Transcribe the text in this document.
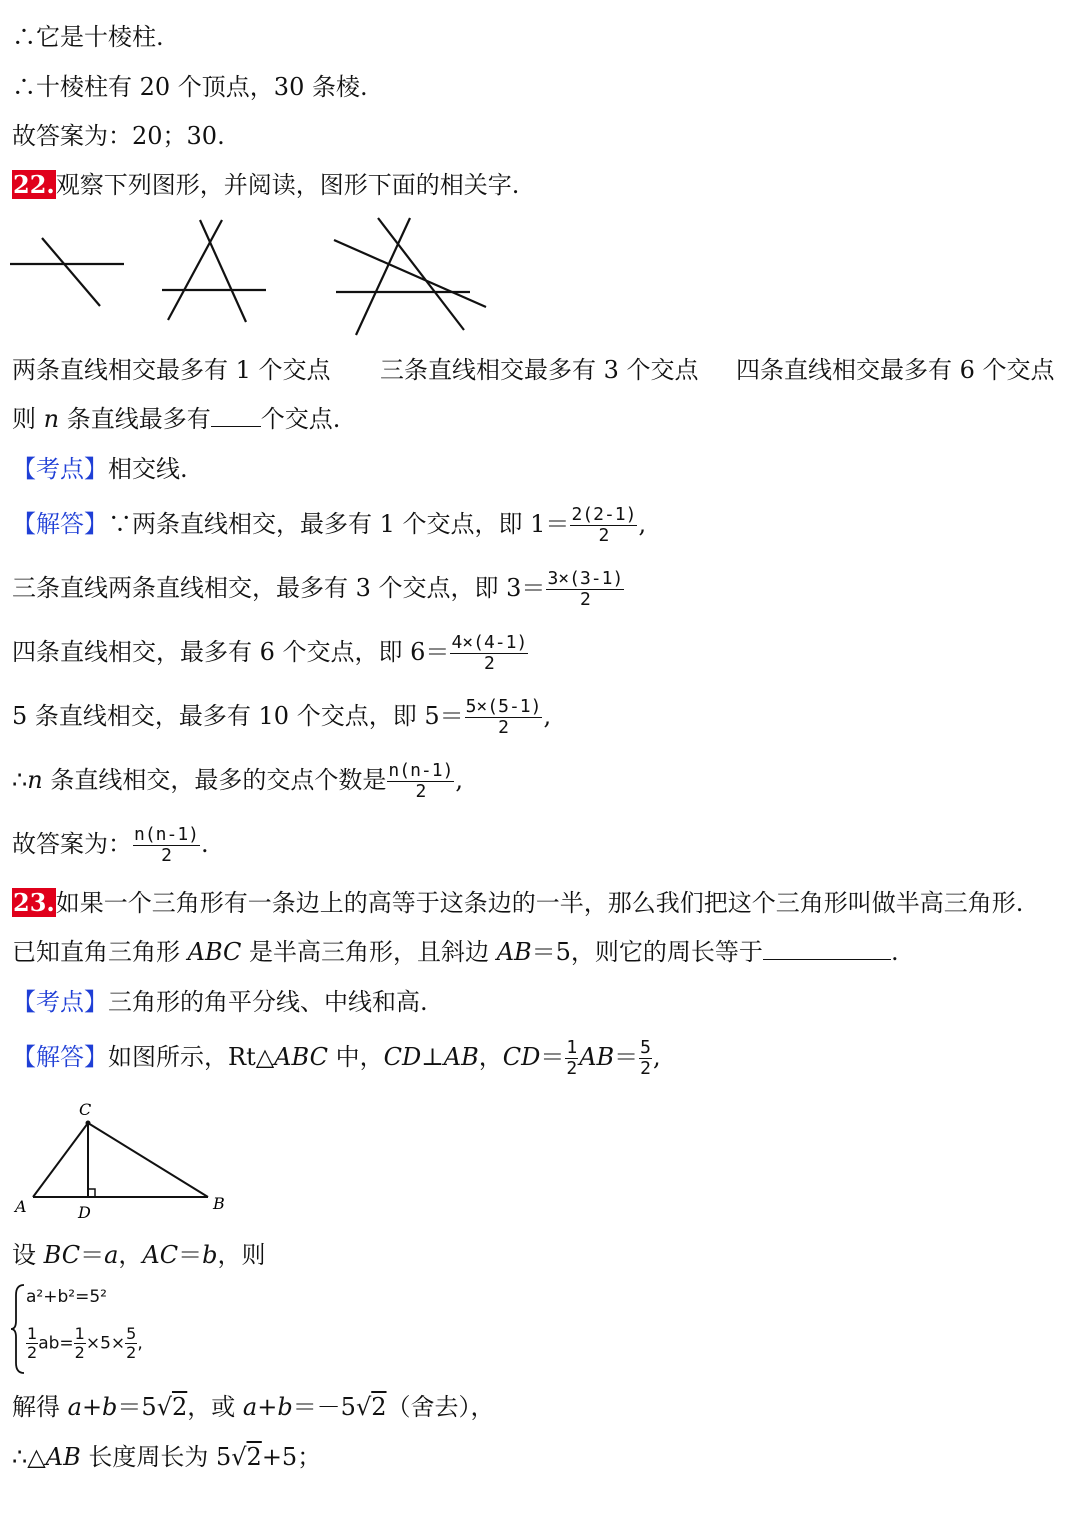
∴它是十棱柱.
∴十棱柱有 20 个顶点，30 条棱.
故答案为：20；30.
22.观察下列图形，并阅读，图形下面的相关字.
两条直线相交最多有 1 个交点 三条直线相交最多有 3 个交点 四条直线相交最多有 6 个交点
则 n 条直线最多有 个交点.
【考点】相交线.
【解答】∵两条直线相交，最多有 1 个交点，即 $1= \frac{2(2-1)}{2}$ ,
三条直线两条直线相交，最多有 3 个交点，即 $3= \frac{3\times(3-1)}{2}$
四条直线相交，最多有 6 个交点，即 $6= \frac{4\times(4-1)}{2}$
5 条直线相交，最多有 10 个交点，即 $5= \frac{5\times(5-1)}{2}$ ,
∴n 条直线相交，最多的交点个数是 $\frac{n(n-1)}{2}$ ,
故答案为： $\frac{n(n-1)}{2}$ .
23.如果一个三角形有一条边上的高等于这条边的一半，那么我们把这个三角形叫做半高三角形.
已知直角三角形 ABC 是半高三角形，且斜边 AB＝5，则它的周长等于	.
【考点】三角形的角平分线、中线和高.
【解答】如图所示，Rt△ABC 中，CD⊥AB，$CD= \frac{1}{2} AB= \frac{5}{2}$ ,
C
A	D	B
设 BC＝a，AC＝b，则
a²+b²=5²
$\frac{1}{2} ab= \frac{1}{2} \times 5\times \frac{5}{2}$ ,
解得 a+b＝5√2，或 a+b＝－5√2（舍去），
∴△AB 长度周长为 5√2+5；
